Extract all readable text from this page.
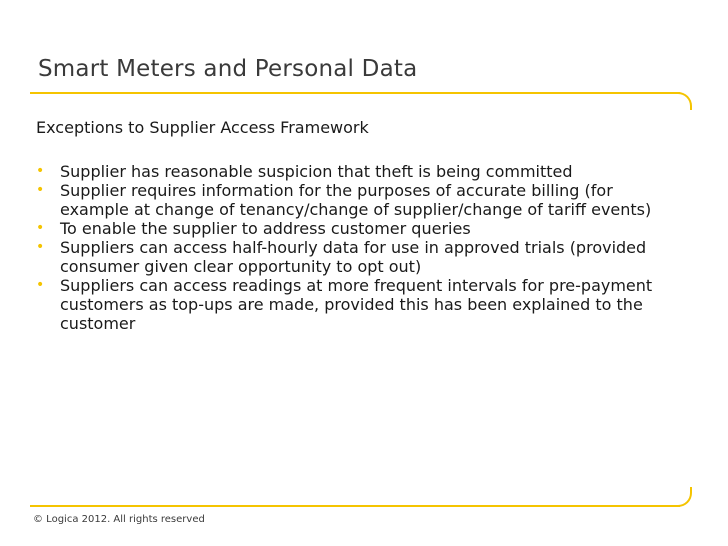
Smart Meters and Personal Data
Exceptions to Supplier Access Framework
• Supplier has reasonable suspicion that theft is being committed
• Supplier requires information for the purposes of accurate billing (for example at change of tenancy/change of supplier/change of tariff events)
• To enable the supplier to address customer queries
• Suppliers can access half-hourly data for use in approved trials (provided consumer given clear opportunity to opt out)
• Suppliers can access readings at more frequent intervals for pre-payment customers as top-ups are made, provided this has been explained to the customer
© Logica 2012. All rights reserved
